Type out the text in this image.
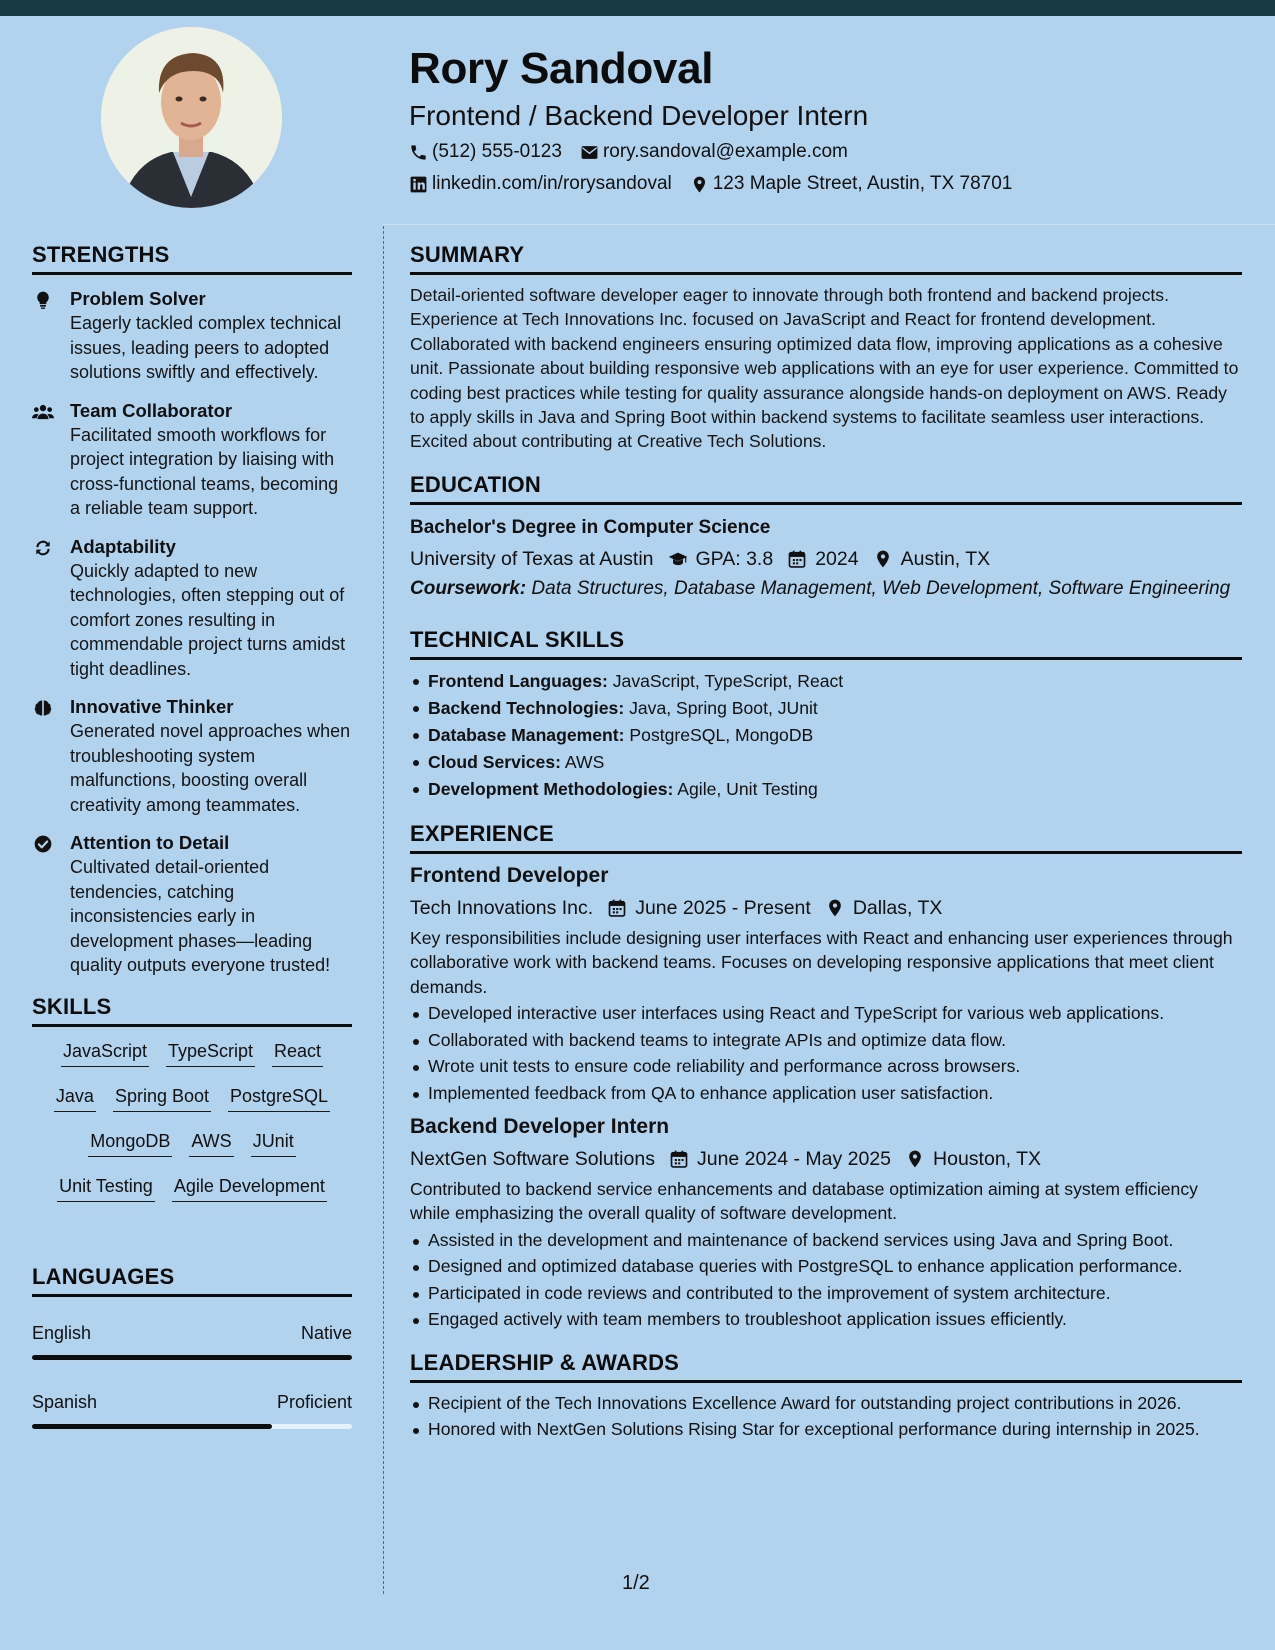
Rory Sandoval
Frontend / Backend Developer Intern
(512) 555-0123 rory.sandoval@example.com
linkedin.com/in/rorysandoval 123 Maple Street, Austin, TX 78701
STRENGTHS
Problem Solver
Eagerly tackled complex technical issues, leading peers to adopted solutions swiftly and effectively.
Team Collaborator
Facilitated smooth workflows for project integration by liaising with cross-functional teams, becoming a reliable team support.
Adaptability
Quickly adapted to new technologies, often stepping out of comfort zones resulting in commendable project turns amidst tight deadlines.
Innovative Thinker
Generated novel approaches when troubleshooting system malfunctions, boosting overall creativity among teammates.
Attention to Detail
Cultivated detail-oriented tendencies, catching inconsistencies early in development phases—leading quality outputs everyone trusted!
SKILLS
JavaScript TypeScript React
Java Spring Boot PostgreSQL
MongoDB AWS JUnit
Unit Testing Agile Development
LANGUAGES
English	Native
Spanish	Proficient
SUMMARY
Detail-oriented software developer eager to innovate through both frontend and backend projects. Experience at Tech Innovations Inc. focused on JavaScript and React for frontend development. Collaborated with backend engineers ensuring optimized data flow, improving applications as a cohesive unit. Passionate about building responsive web applications with an eye for user experience. Committed to coding best practices while testing for quality assurance alongside hands-on deployment on AWS. Ready to apply skills in Java and Spring Boot within backend systems to facilitate seamless user interactions. Excited about contributing at Creative Tech Solutions.
EDUCATION
Bachelor's Degree in Computer Science
University of Texas at Austin GPA: 3.8 2024 Austin, TX
Coursework: Data Structures, Database Management, Web Development, Software Engineering
TECHNICAL SKILLS
Frontend Languages: JavaScript, TypeScript, React
Backend Technologies: Java, Spring Boot, JUnit
Database Management: PostgreSQL, MongoDB
Cloud Services: AWS
Development Methodologies: Agile, Unit Testing
EXPERIENCE
Frontend Developer
Tech Innovations Inc. June 2025 - Present Dallas, TX
Key responsibilities include designing user interfaces with React and enhancing user experiences through collaborative work with backend teams. Focuses on developing responsive applications that meet client demands.
Developed interactive user interfaces using React and TypeScript for various web applications.
Collaborated with backend teams to integrate APIs and optimize data flow.
Wrote unit tests to ensure code reliability and performance across browsers.
Implemented feedback from QA to enhance application user satisfaction.
Backend Developer Intern
NextGen Software Solutions June 2024 - May 2025 Houston, TX
Contributed to backend service enhancements and database optimization aiming at system efficiency while emphasizing the overall quality of software development.
Assisted in the development and maintenance of backend services using Java and Spring Boot.
Designed and optimized database queries with PostgreSQL to enhance application performance.
Participated in code reviews and contributed to the improvement of system architecture.
Engaged actively with team members to troubleshoot application issues efficiently.
LEADERSHIP & AWARDS
Recipient of the Tech Innovations Excellence Award for outstanding project contributions in 2026.
Honored with NextGen Solutions Rising Star for exceptional performance during internship in 2025.
1/2
